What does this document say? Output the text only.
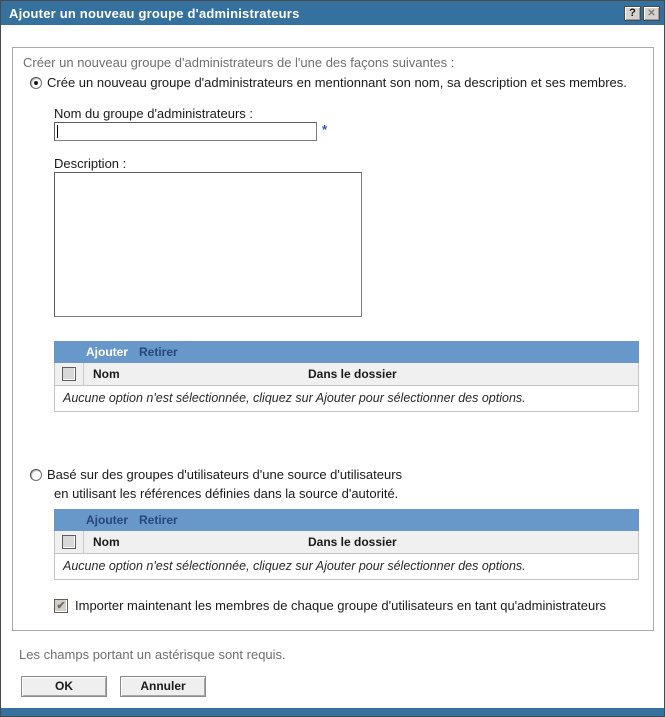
Ajouter un nouveau groupe d'administrateurs	?	✕
Créer un nouveau groupe d'administrateurs de l'une des façons suivantes :
Crée un nouveau groupe d'administrateurs en mentionnant son nom, sa description et ses membres.
Nom du groupe d'administrateurs :
*
Description :
Ajouter Retirer
Nom	Dans le dossier
Aucune option n'est sélectionnée, cliquez sur Ajouter pour sélectionner des options.
Basé sur des groupes d'utilisateurs d'une source d'utilisateurs
en utilisant les références définies dans la source d'autorité.
Ajouter Retirer
Nom	Dans le dossier
Aucune option n'est sélectionnée, cliquez sur Ajouter pour sélectionner des options.
✔ Importer maintenant les membres de chaque groupe d'utilisateurs en tant qu'administrateurs
Les champs portant un astérisque sont requis.
OK	Annuler
